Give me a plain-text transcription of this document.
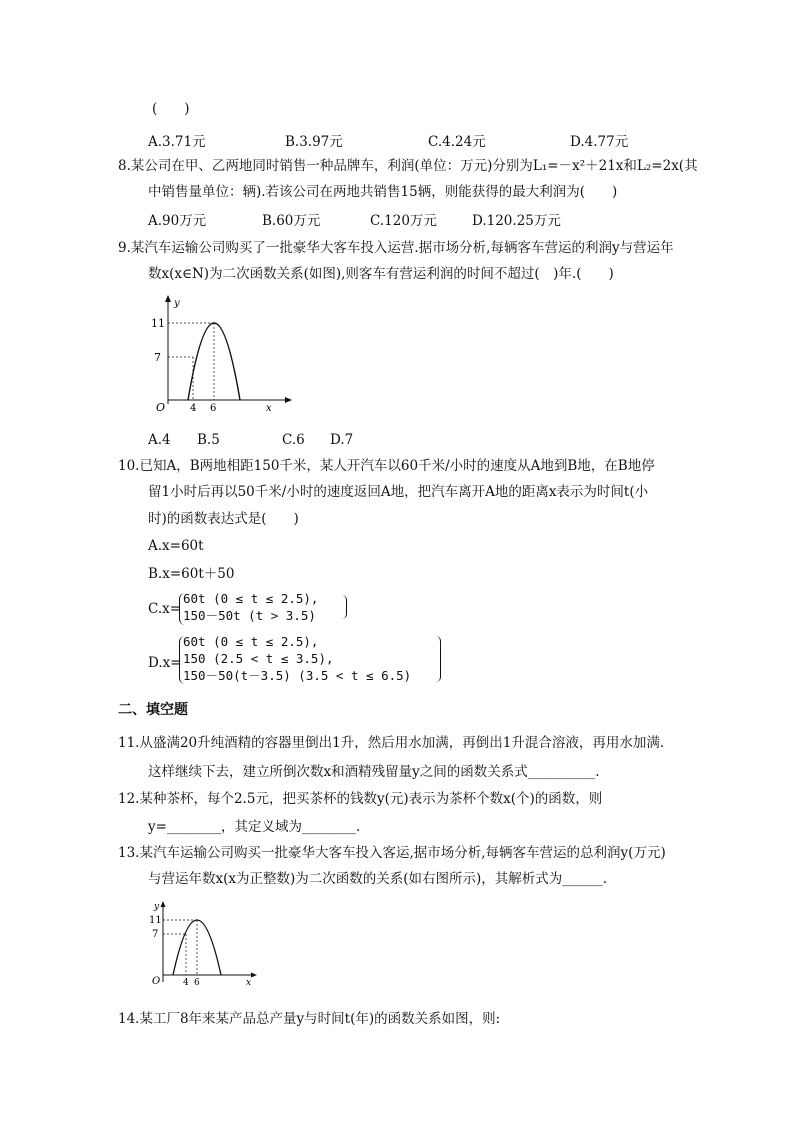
(　　)
A.3.71元	B.3.97元	C.4.24元	D.4.77元
8.某公司在甲、乙两地同时销售一种品牌车，利润(单位：万元)分别为L₁=－x²＋21x和L₂=2x(其
中销售量单位：辆).若该公司在两地共销售15辆，则能获得的最大利润为(　　)
A.90万元	B.60万元	C.120万元	D.120.25万元
9.某汽车运输公司购买了一批豪华大客车投入运营.据市场分析,每辆客车营运的利润y与营运年
数x(x∈N)为二次函数关系(如图),则客车有营运利润的时间不超过(　)年.(　　)
y
11
7
O 4 6	x
A.4 B.5	C.6 D.7
10.已知A，B两地相距150千米，某人开汽车以60千米/小时的速度从A地到B地，在B地停
留1小时后再以50千米/小时的速度返回A地，把汽车离开A地的距离x表示为时间t(小
时)的函数表达式是(　　)
A.x=60t
B.x=60t＋50
C.x=
60t (0 ≤ t ≤ 2.5),
150－50t (t > 3.5)
D.x=
60t (0 ≤ t ≤ 2.5),
150 (2.5 < t ≤ 3.5),
150－50(t－3.5) (3.5 < t ≤ 6.5)
二、填空题
11.从盛满20升纯酒精的容器里倒出1升，然后用水加满，再倒出1升混合溶液，再用水加满.
这样继续下去，建立所倒次数x和酒精残留量y之间的函数关系式__________.
12.某种茶杯，每个2.5元，把买茶杯的钱数y(元)表示为茶杯个数x(个)的函数，则
y=________，其定义域为________.
13.某汽车运输公司购买一批豪华大客车投入客运,据市场分析,每辆客车营运的总利润y(万元)
与营运年数x(x为正整数)为二次函数的关系(如右图所示)，其解析式为______.
y
11
7
O	4 6	x
14.某工厂8年来某产品总产量y与时间t(年)的函数关系如图，则:
